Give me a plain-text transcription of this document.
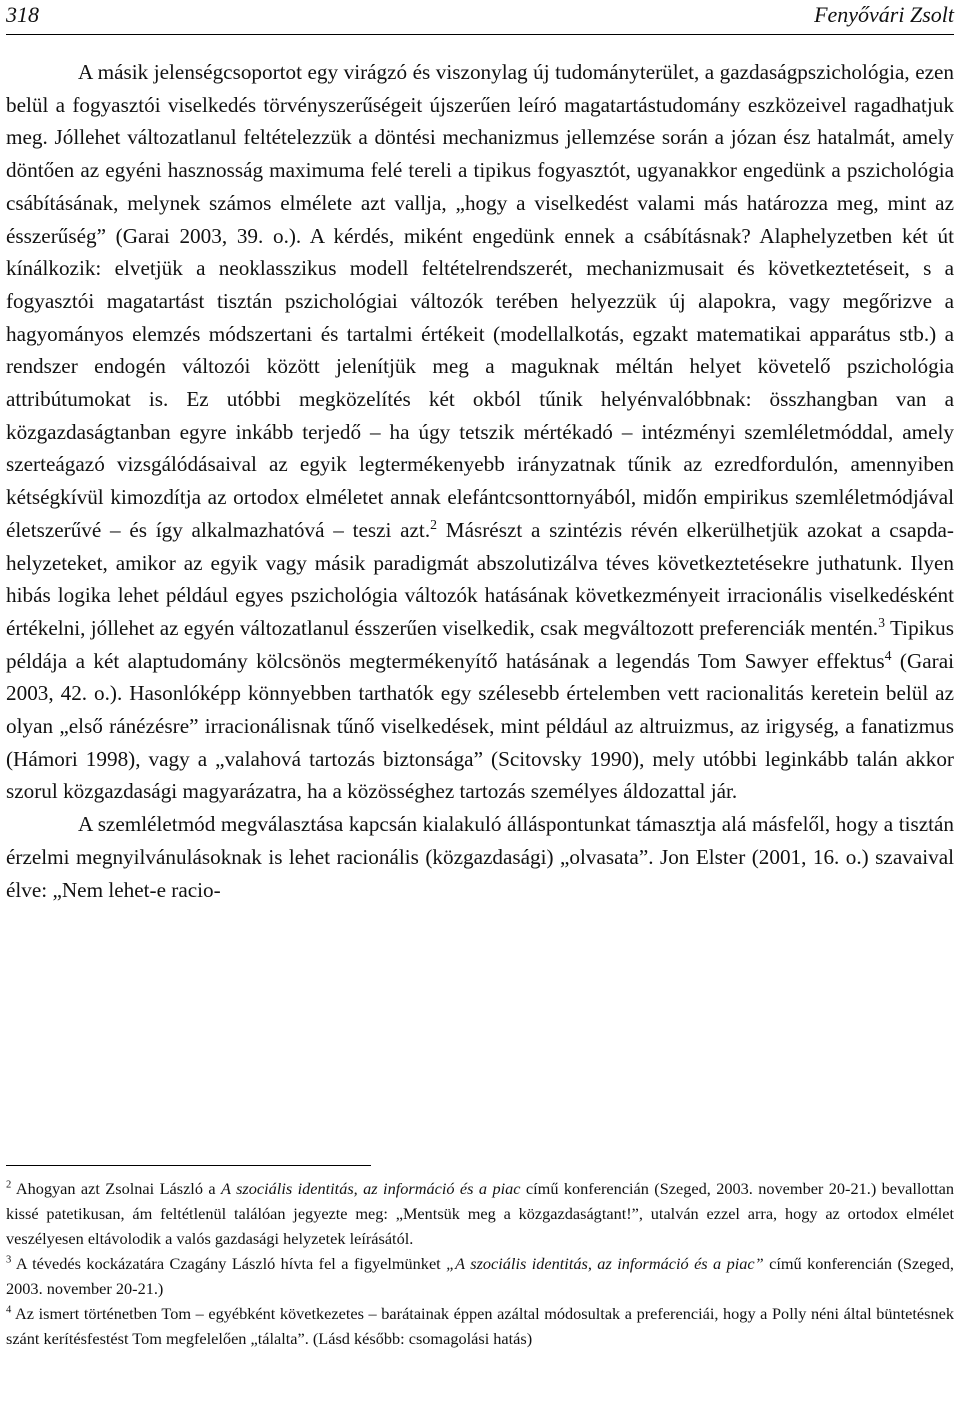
318	Fenyővári Zsolt

A másik jelenségcsoportot egy virágzó és viszonylag új tudományterület, a gazdaságpszichológia, ezen belül a fogyasztói viselkedés törvényszerűségeit újszerűen leíró magatartástudomány eszközeivel ragadhatjuk meg. Jóllehet változatlanul feltételezzük a döntési mechanizmus jellemzése során a józan ész hatalmát, amely döntően az egyéni hasznosság maximuma felé tereli a tipikus fogyasztót, ugyanakkor engedünk a pszichológia csábításának, melynek számos elmélete azt vallja, „hogy a viselkedést valami más határozza meg, mint az ésszerűség” (Garai 2003, 39. o.). A kérdés, miként engedünk ennek a csábításnak? Alaphelyzetben két út kínálkozik: elvetjük a neoklasszikus modell feltételrendszerét, mechanizmusait és következtetéseit, s a fogyasztói magatartást tisztán pszichológiai változók terében helyezzük új alapokra, vagy megőrizve a hagyományos elemzés módszertani és tartalmi értékeit (modellalkotás, egzakt matematikai apparátus stb.) a rendszer endogén változói között jelenítjük meg a maguknak méltán helyet követelő pszichológia attribútumokat is. Ez utóbbi megközelítés két okból tűnik helyénvalóbbnak: összhangban van a közgazdaságtanban egyre inkább terjedő – ha úgy tetszik mértékadó – intézményi szemléletmóddal, amely szerteágazó vizsgálódásaival az egyik legtermékenyebb irányzatnak tűnik az ezredfordulón, amennyiben kétségkívül kimozdítja az ortodox elméletet annak elefántcsonttornyából, midőn empirikus szemléletmódjával életszerűvé – és így alkalmazhatóvá – teszi azt.$^2$ Másrészt a szintézis révén elkerülhetjük azokat a csapda-helyzeteket, amikor az egyik vagy másik paradigmát abszolutizálva téves következtetésekre juthatunk. Ilyen hibás logika lehet például egyes pszichológia változók hatásának következményeit irracionális viselkedésként értékelni, jóllehet az egyén változatlanul ésszerűen viselkedik, csak megváltozott preferenciák mentén.$^3$ Tipikus példája a két alaptudomány kölcsönös megtermékenyítő hatásának a legendás Tom Sawyer effektus$^4$ (Garai 2003, 42. o.). Hasonlóképp könnyebben tarthatók egy szélesebb értelemben vett racionalitás keretein belül az olyan „első ránézésre” irracionálisnak tűnő viselkedések, mint például az altruizmus, az irigység, a fanatizmus (Hámori 1998), vagy a „valahová tartozás biztonsága” (Scitovsky 1990), mely utóbbi leginkább talán akkor szorul közgazdasági magyarázatra, ha a közösséghez tartozás személyes áldozattal jár.

A szemléletmód megválasztása kapcsán kialakuló álláspontunkat támasztja alá másfelől, hogy a tisztán érzelmi megnyilvánulásoknak is lehet racionális (közgazdasági) „olvasata”. Jon Elster (2001, 16. o.) szavaival élve: „Nem lehet-e racio-

$^2$ Ahogyan azt Zsolnai László a A szociális identitás, az információ és a piac című konferencián (Szeged, 2003. november 20-21.) bevallottan kissé patetikusan, ám feltétlenül találóan jegyezte meg: „Mentsük meg a közgazdaságtant!”, utalván ezzel arra, hogy az ortodox elmélet veszélyesen eltávolodik a valós gazdasági helyzetek leírásától.

$^3$ A tévedés kockázatára Czagány László hívta fel a figyelmünket „A szociális identitás, az információ és a piac” című konferencián (Szeged, 2003. november 20-21.)

$^4$ Az ismert történetben Tom – egyébként következetes – barátainak éppen azáltal módosultak a preferenciái, hogy a Polly néni által büntetésnek szánt kerítésfestést Tom megfelelően „tálalta”. (Lásd később: csomagolási hatás)
